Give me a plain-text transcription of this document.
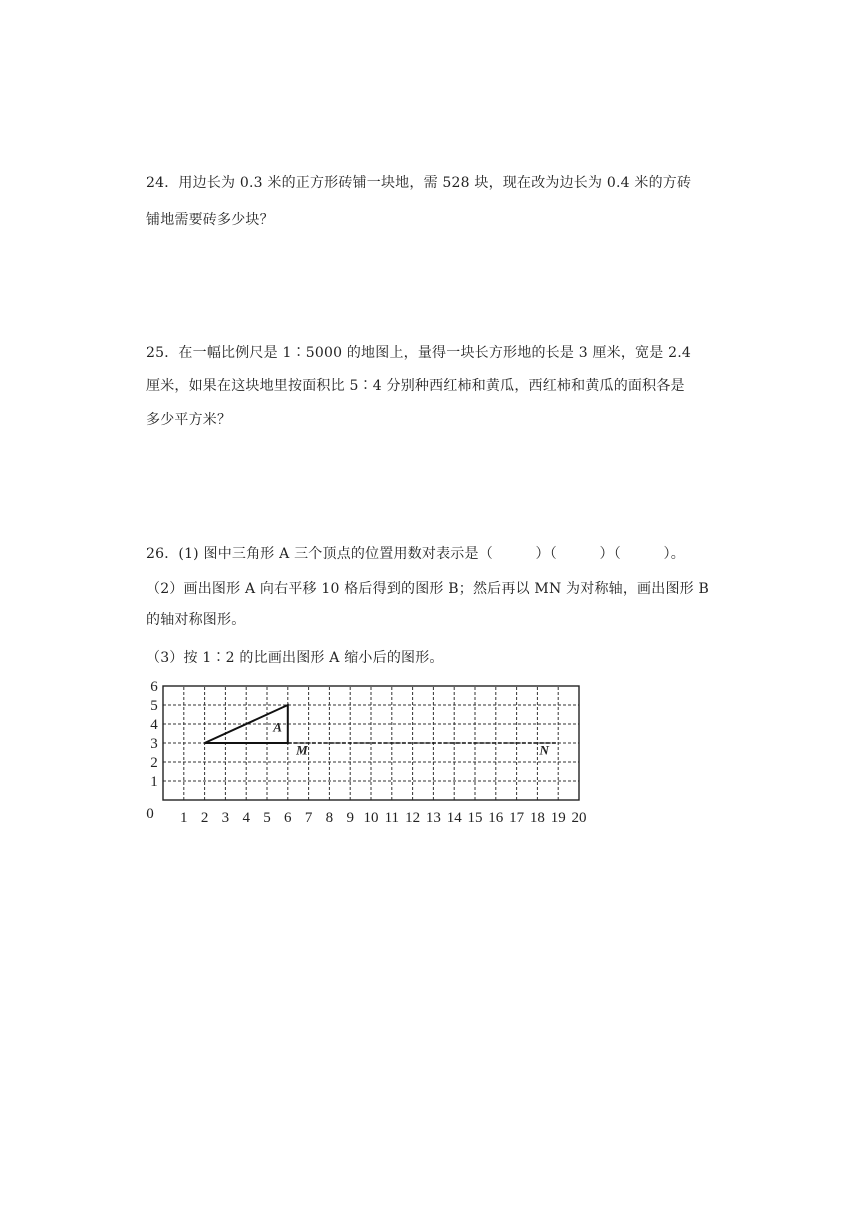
24．用边长为 0.3 米的正方形砖铺一块地，需 528 块，现在改为边长为 0.4 米的方砖
铺地需要砖多少块？
25．在一幅比例尺是 1∶5000 的地图上，量得一块长方形地的长是 3 厘米，宽是 2.4
厘米，如果在这块地里按面积比 5∶4 分别种西红柿和黄瓜，西红柿和黄瓜的面积各是
多少平方米？
26．(1) 图中三角形 A 三个顶点的位置用数对表示是（　　　）（　　　）（　　　）。
（2）画出图形 A 向右平移 10 格后得到的图形 B；然后再以 MN 为对称轴，画出图形 B
的轴对称图形。
（3）按 1∶2 的比画出图形 A 缩小后的图形。
A
M	N
0 1 2 3 4 5 6 7 8 9 10 11 12 13 14 15 16 17 18 19 20
1
2
3
4
5
6
